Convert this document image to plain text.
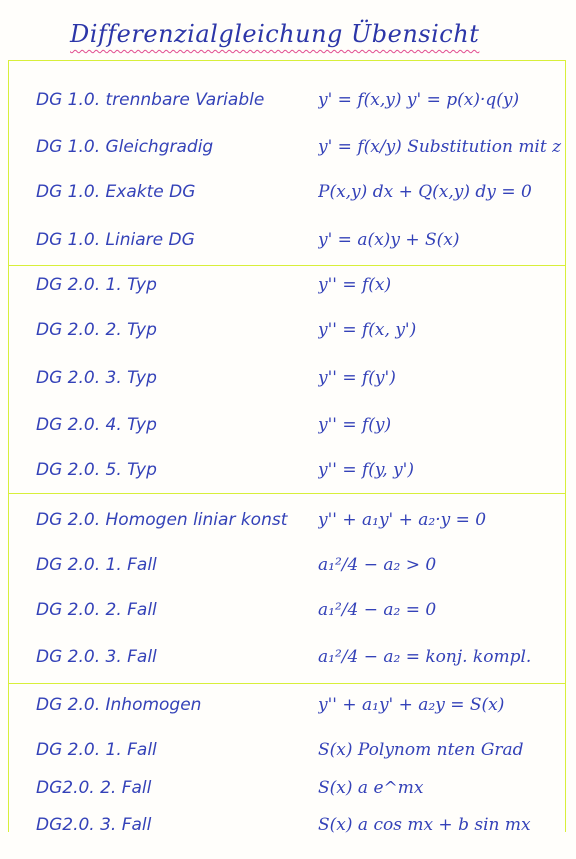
Differenzialgleichung Übensicht
DG 1.0. trennbare Variable	y' = f(x,y) y' = p(x)·q(y)
DG 1.0. Gleichgradig	y' = f(x/y) Substitution mit z
DG 1.0. Exakte DG	P(x,y) dx + Q(x,y) dy = 0
DG 1.0. Liniare DG	y' = a(x)y + S(x)
DG 2.0. 1. Typ	y'' = f(x)
DG 2.0. 2. Typ	y'' = f(x, y')
DG 2.0. 3. Typ	y'' = f(y')
DG 2.0. 4. Typ	y'' = f(y)
DG 2.0. 5. Typ	y'' = f(y, y')
DG 2.0. Homogen liniar konst	y'' + a₁y' + a₂·y = 0
DG 2.0. 1. Fall	a₁²/4 − a₂ > 0
DG 2.0. 2. Fall	a₁²/4 − a₂ = 0
DG 2.0. 3. Fall	a₁²/4 − a₂ = konj. kompl.
DG 2.0. Inhomogen	y'' + a₁y' + a₂y = S(x)
DG 2.0. 1. Fall	S(x) Polynom nten Grad
DG2.0. 2. Fall	S(x) a e^mx
DG2.0. 3. Fall	S(x) a cos mx + b sin mx
